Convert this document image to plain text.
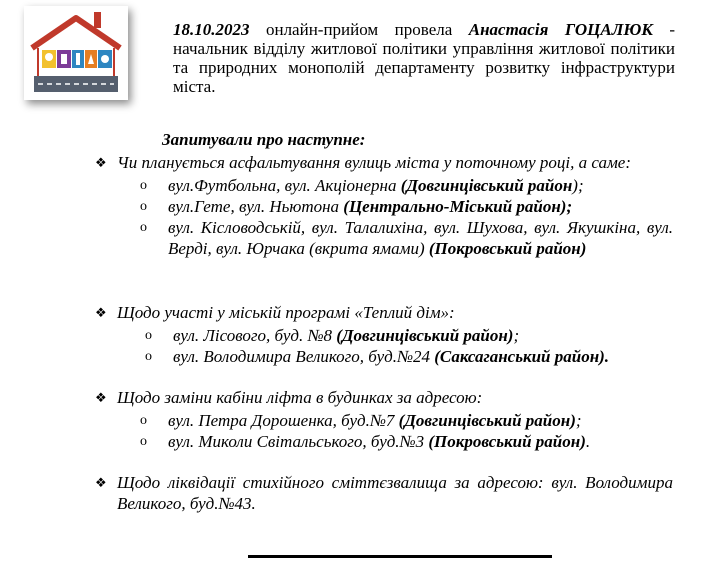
18.10.2023 онлайн-прийом провела Анастасія ГОЦАЛЮК - начальник відділу житлової політики управління житлової політики та природних монополій департаменту розвитку інфраструктури міста.
Запитували про наступне:
❖ Чи планується асфальтування вулиць міста у поточному році, а саме:
o вул.Футбольна, вул. Акціонерна (Довгинцівський район);
o вул.Гете, вул. Ньютона (Центрально-Міський район);
o вул. Кісловодській, вул. Талалихіна, вул. Шухова, вул. Якушкіна, вул. Верді, вул. Юрчака (вкрита ямами) (Покровський район)
❖ Щодо участі у міській програмі «Теплий дім»:
o вул. Лісового, буд. №8 (Довгинцівський район);
o вул. Володимира Великого, буд.№24 (Саксаганський район).
❖ Щодо заміни кабіни ліфта в будинках за адресою:
o вул. Петра Дорошенка, буд.№7 (Довгинцівський район);
o вул. Миколи Світальського, буд.№3 (Покровський район).
❖ Щодо ліквідації стихійного сміттєзвалища за адресою: вул. Володимира Великого, буд.№43.
